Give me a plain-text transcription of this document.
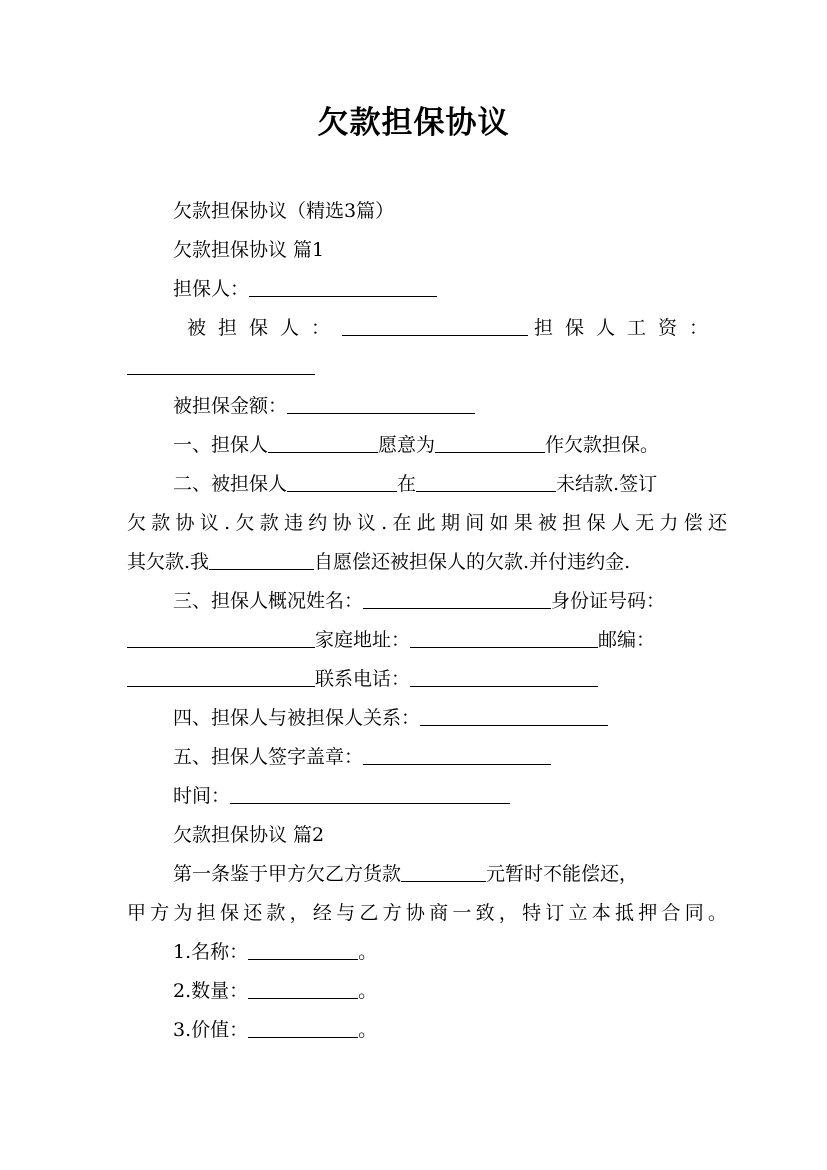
欠款担保协议
欠款担保协议（精选3篇）
欠款担保协议 篇1
担保人：
被担保人：	担保人工资：
被担保金额：
一、担保人	愿意为	作欠款担保。
二、被担保人	在	未结款.签订
欠款协议.欠款违约协议.在此期间如果被担保人无力偿还
其欠款.我	自愿偿还被担保人的欠款.并付违约金.
三、担保人概况姓名：	身份证号码：
家庭地址：	邮编：
联系电话：
四、担保人与被担保人关系：
五、担保人签字盖章：
时间：
欠款担保协议 篇2
第一条鉴于甲方欠乙方货款	元暂时不能偿还，
甲方为担保还款，经与乙方协商一致，特订立本抵押合同。
1.名称：	。
2.数量：	。
3.价值：	。
